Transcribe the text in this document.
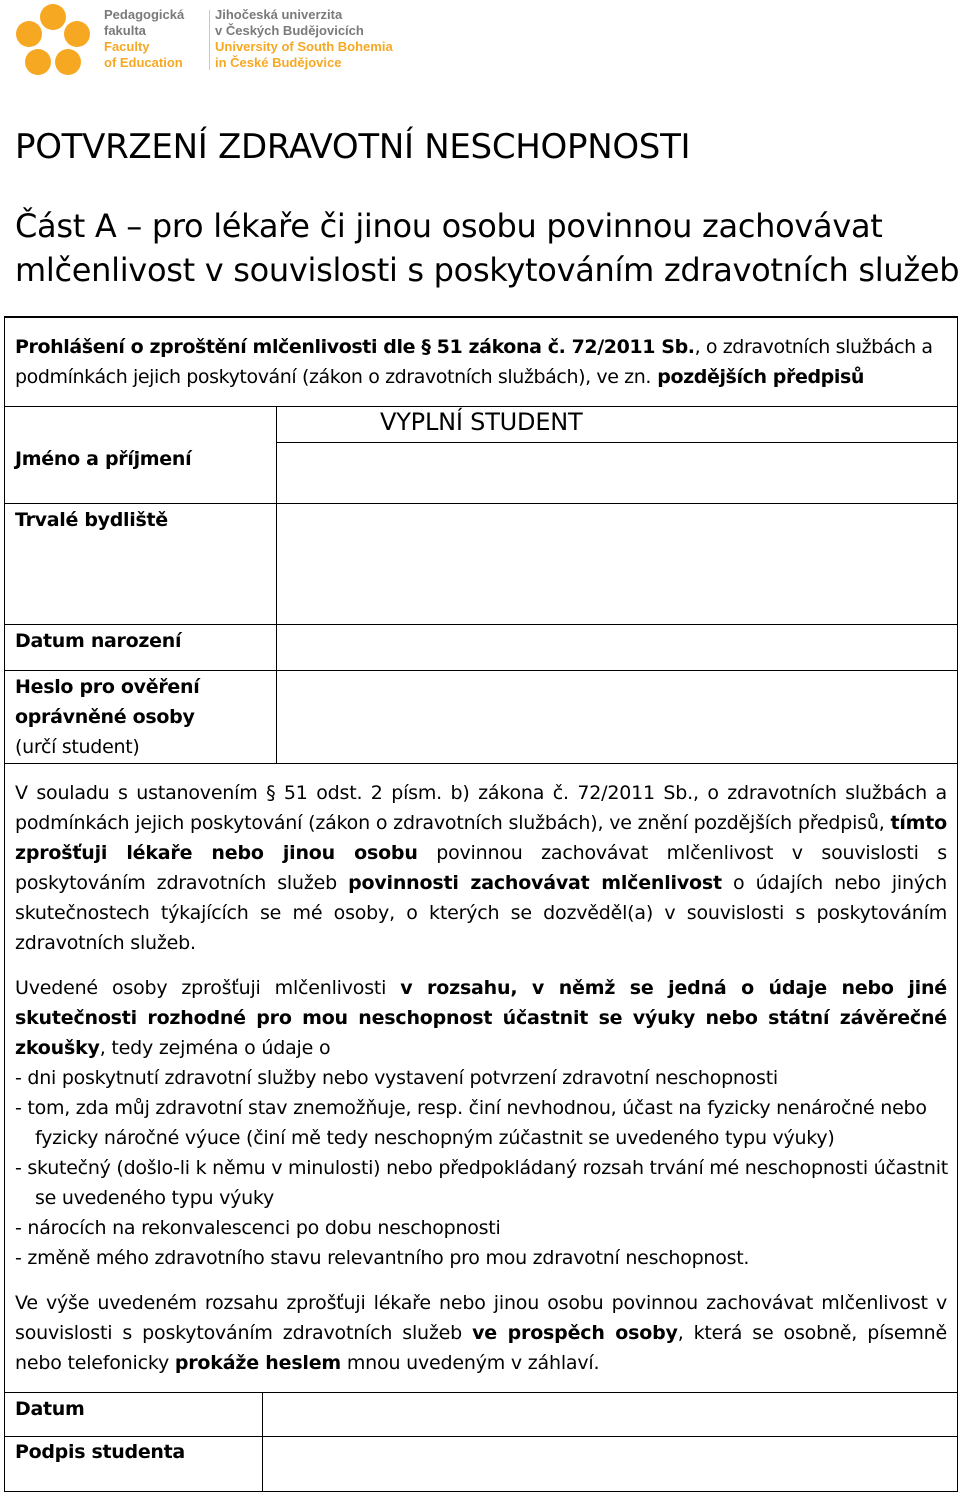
Pedagogická
fakulta
Faculty
of Education
Jihočeská univerzita
v Českých Budějovicích
University of South Bohemia
in České Budějovice
POTVRZENÍ ZDRAVOTNÍ NESCHOPNOSTI
Část A – pro lékaře či jinou osobu povinnou zachovávat
mlčenlivost v souvislosti s poskytováním zdravotních služeb
Prohlášení o zproštění mlčenlivosti dle § 51 zákona č. 72/2011 Sb., o zdravotních službách a podmínkách jejich poskytování (zákon o zdravotních službách), ve zn. pozdějších předpisů
VYPLNÍ STUDENT
Jméno a příjmení
Trvalé bydliště
Datum narození
Heslo pro ověření
oprávněné osoby
(určí student)
V souladu s ustanovením § 51 odst. 2 písm. b) zákona č. 72/2011 Sb., o zdravotních službách a podmínkách jejich poskytování (zákon o zdravotních službách), ve znění pozdějších předpisů, tímto zprošťuji lékaře nebo jinou osobu povinnou zachovávat mlčenlivost v souvislosti s poskytováním zdravotních služeb povinnosti zachovávat mlčenlivost o údajích nebo jiných skutečnostech týkajících se mé osoby, o kterých se dozvěděl(a) v souvislosti s poskytováním zdravotních služeb.
Uvedené osoby zprošťuji mlčenlivosti v rozsahu, v němž se jedná o údaje nebo jiné skutečnosti rozhodné pro mou neschopnost účastnit se výuky nebo státní závěrečné zkoušky, tedy zejména o údaje o
- dni poskytnutí zdravotní služby nebo vystavení potvrzení zdravotní neschopnosti
- tom, zda můj zdravotní stav znemožňuje, resp. činí nevhodnou, účast na fyzicky nenáročné nebo fyzicky náročné výuce (činí mě tedy neschopným zúčastnit se uvedeného typu výuky)
- skutečný (došlo-li k němu v minulosti) nebo předpokládaný rozsah trvání mé neschopnosti účastnit se uvedeného typu výuky
- nárocích na rekonvalescenci po dobu neschopnosti
- změně mého zdravotního stavu relevantního pro mou zdravotní neschopnost.
Ve výše uvedeném rozsahu zprošťuji lékaře nebo jinou osobu povinnou zachovávat mlčenlivost v souvislosti s poskytováním zdravotních služeb ve prospěch osoby, která se osobně, písemně nebo telefonicky prokáže heslem mnou uvedeným v záhlaví.
Datum
Podpis studenta
